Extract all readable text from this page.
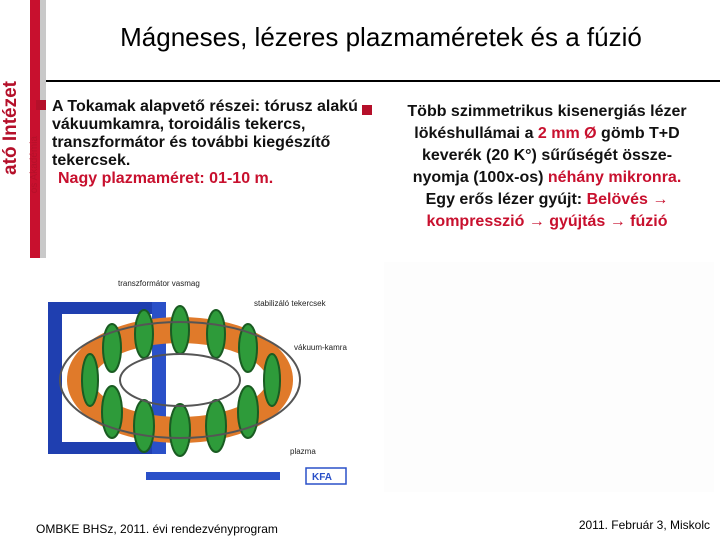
ató Intézet os Akadémia
Mágneses, lézeres plazmaméretek és a fúzió
A Tokamak alapvető részei: tórusz alakú vákuumkamra, toroidális tekercs, transzformátor és további kiegészítő tekercsek.
Nagy plazmaméret: 01-10 m.
Több szimmetrikus kisenergiás lézer
lökéshullámai a 2 mm Ø gömb T+D
keverék (20 K°) sűrűségét össze-
nyomja (100x-os) néhány mikronra.
Egy erős lézer gyújt: Belövés →
kompresszió → gyújtás → fúzió
transzformátor vasmag
stabilizáló tekercsek
vákuum-kamra
plazma
KFA
OMBKE BHSz, 2011. évi rendezvényprogram	2011. Február 3, Miskolc
